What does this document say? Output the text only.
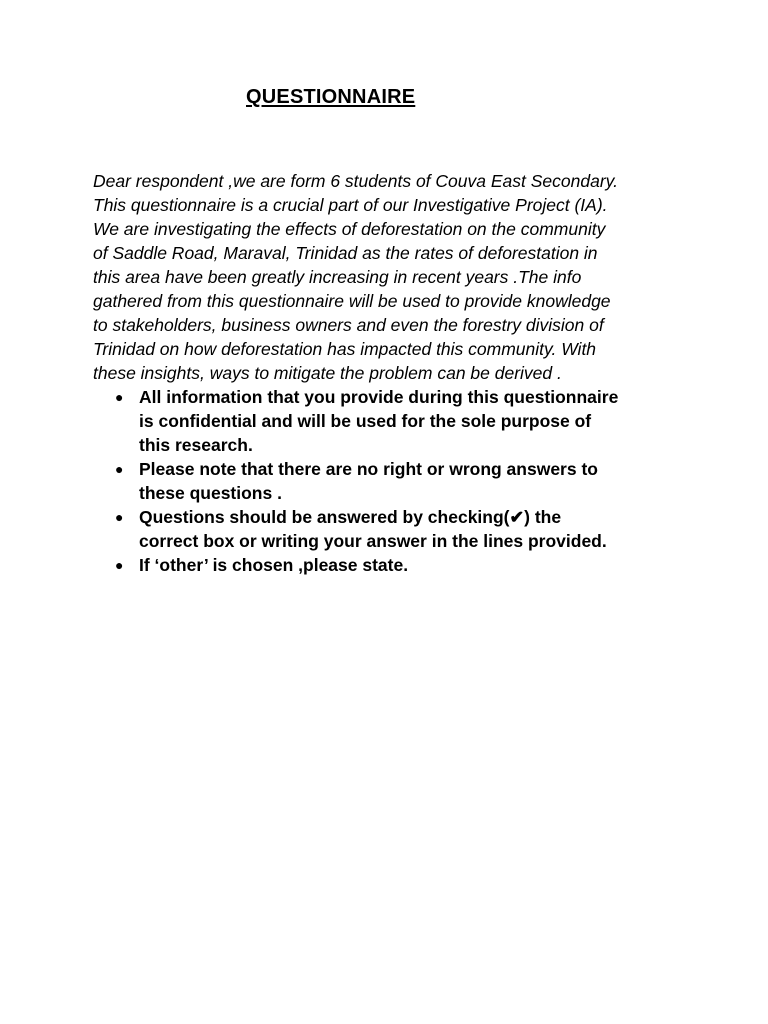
QUESTIONNAIRE

Dear respondent ,we are form 6 students of Couva East Secondary.
This questionnaire is a crucial part of our Investigative Project (IA).
We are investigating the effects of deforestation on the community
of Saddle Road, Maraval, Trinidad as the rates of deforestation in
this area have been greatly increasing in recent years .The info
gathered from this questionnaire will be used to provide knowledge
to stakeholders, business owners and even the forestry division of
Trinidad on how deforestation has impacted this community. With
these insights, ways to mitigate the problem can be derived .

● All information that you provide during this questionnaire
is confidential and will be used for the sole purpose of
this research.
● Please note that there are no right or wrong answers to
these questions .
● Questions should be answered by checking(✔) the
correct box or writing your answer in the lines provided.
● If ‘other’ is chosen ,please state.
